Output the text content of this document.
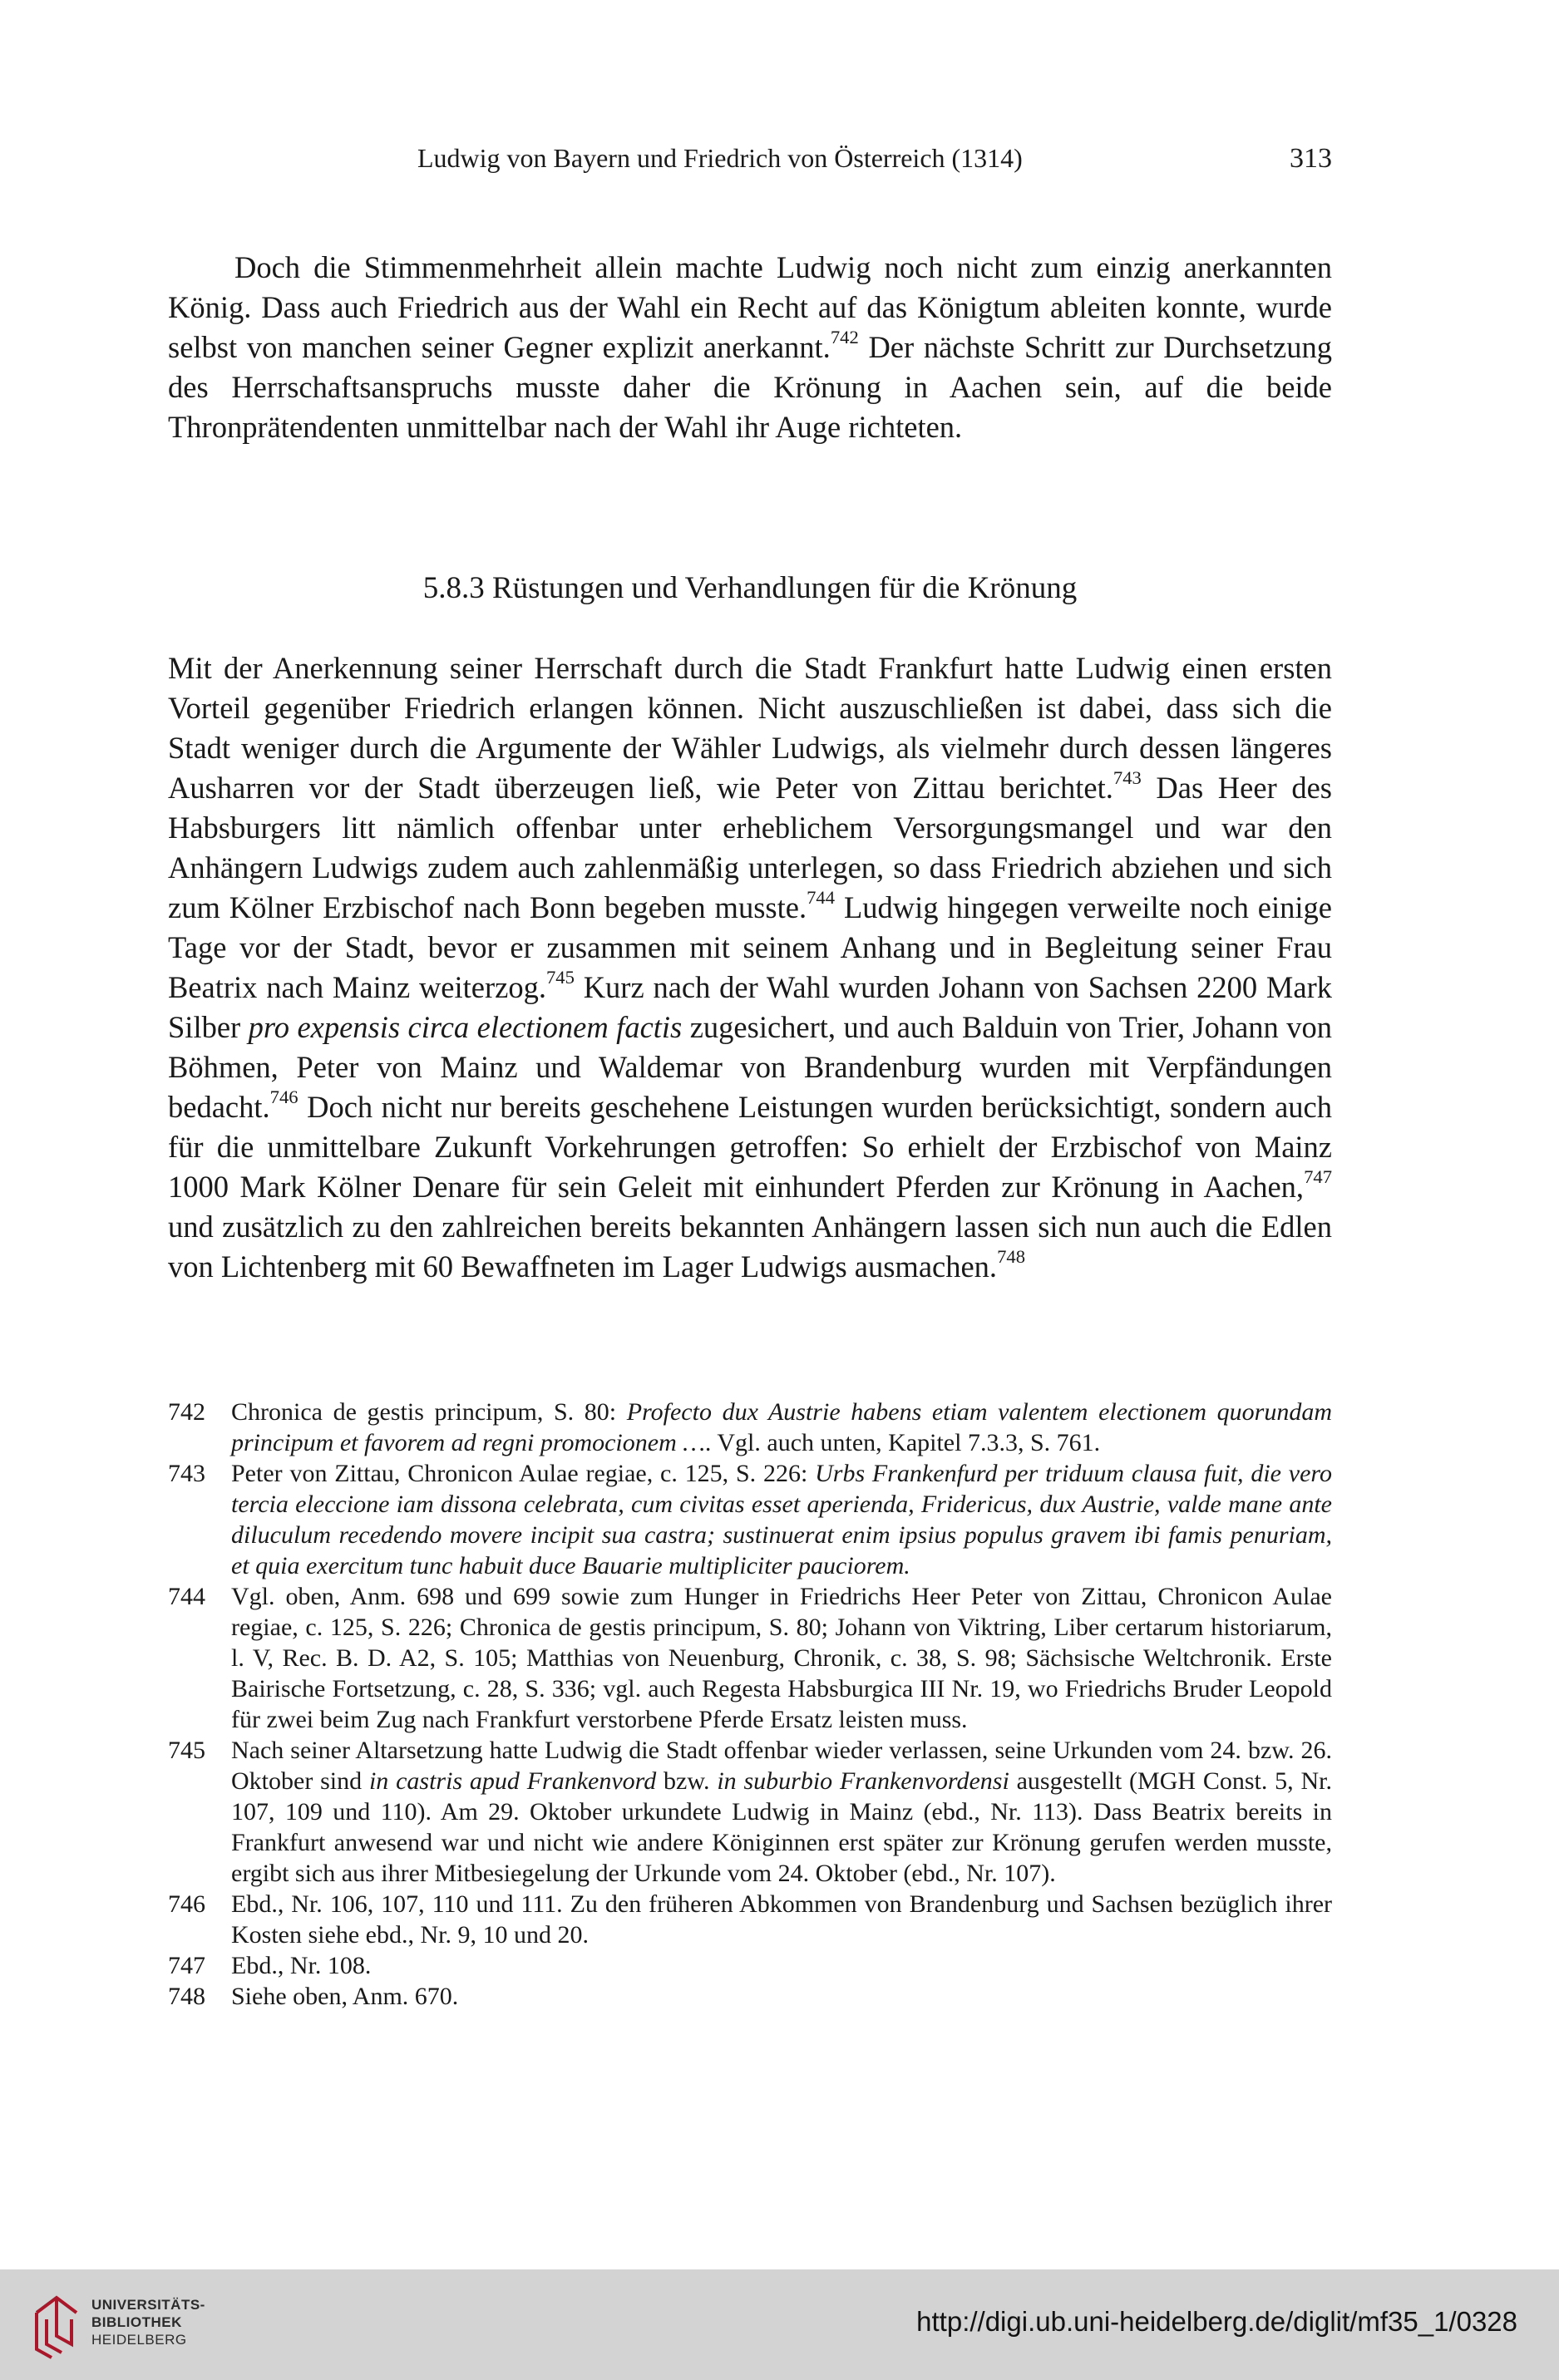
Ludwig von Bayern und Friedrich von Österreich (1314)	313

Doch die Stimmenmehrheit allein machte Ludwig noch nicht zum einzig anerkannten König. Dass auch Friedrich aus der Wahl ein Recht auf das Königtum ableiten konnte, wurde selbst von manchen seiner Gegner explizit anerkannt.$^{742}$ Der nächste Schritt zur Durchsetzung des Herrschaftsanspruchs musste daher die Krönung in Aachen sein, auf die beide Thronprätendenten unmittelbar nach der Wahl ihr Auge richteten.

5.8.3 Rüstungen und Verhandlungen für die Krönung

Mit der Anerkennung seiner Herrschaft durch die Stadt Frankfurt hatte Ludwig einen ersten Vorteil gegenüber Friedrich erlangen können. Nicht auszuschließen ist dabei, dass sich die Stadt weniger durch die Argumente der Wähler Ludwigs, als vielmehr durch dessen längeres Ausharren vor der Stadt überzeugen ließ, wie Peter von Zittau berichtet.$^{743}$ Das Heer des Habsburgers litt nämlich offenbar unter erheblichem Versorgungsmangel und war den Anhängern Ludwigs zudem auch zahlenmäßig unterlegen, so dass Friedrich abziehen und sich zum Kölner Erzbischof nach Bonn begeben musste.$^{744}$ Ludwig hingegen verweilte noch einige Tage vor der Stadt, bevor er zusammen mit seinem Anhang und in Begleitung seiner Frau Beatrix nach Mainz weiterzog.$^{745}$ Kurz nach der Wahl wurden Johann von Sachsen 2200 Mark Silber pro expensis circa electionem factis zugesichert, und auch Balduin von Trier, Johann von Böhmen, Peter von Mainz und Waldemar von Brandenburg wurden mit Verpfändungen bedacht.$^{746}$ Doch nicht nur bereits geschehene Leistungen wurden berücksichtigt, sondern auch für die unmittelbare Zukunft Vorkehrungen getroffen: So erhielt der Erzbischof von Mainz 1000 Mark Kölner Denare für sein Geleit mit einhundert Pferden zur Krönung in Aachen,$^{747}$ und zusätzlich zu den zahlreichen bereits bekannten Anhängern lassen sich nun auch die Edlen von Lichtenberg mit 60 Bewaffneten im Lager Ludwigs ausmachen.$^{748}$

742 Chronica de gestis principum, S. 80: Profecto dux Austrie habens etiam valentem electionem quorundam principum et favorem ad regni promocionem …. Vgl. auch unten, Kapitel 7.3.3, S. 761.

743 Peter von Zittau, Chronicon Aulae regiae, c. 125, S. 226: Urbs Frankenfurd per triduum clausa fuit, die vero tercia eleccione iam dissona celebrata, cum civitas esset aperienda, Fridericus, dux Austrie, valde mane ante diluculum recedendo movere incipit sua castra; sustinuerat enim ipsius populus gravem ibi famis penuriam, et quia exercitum tunc habuit duce Bauarie multipliciter pauciorem.

744 Vgl. oben, Anm. 698 und 699 sowie zum Hunger in Friedrichs Heer Peter von Zittau, Chronicon Aulae regiae, c. 125, S. 226; Chronica de gestis principum, S. 80; Johann von Viktring, Liber certarum historiarum, l. V, Rec. B. D. A2, S. 105; Matthias von Neuenburg, Chronik, c. 38, S. 98; Sächsische Weltchronik. Erste Bairische Fortsetzung, c. 28, S. 336; vgl. auch Regesta Habsburgica III Nr. 19, wo Friedrichs Bruder Leopold für zwei beim Zug nach Frankfurt verstorbene Pferde Ersatz leisten muss.

745 Nach seiner Altarsetzung hatte Ludwig die Stadt offenbar wieder verlassen, seine Urkunden vom 24. bzw. 26. Oktober sind in castris apud Frankenvord bzw. in suburbio Frankenvordensi ausgestellt (MGH Const. 5, Nr. 107, 109 und 110). Am 29. Oktober urkundete Ludwig in Mainz (ebd., Nr. 113). Dass Beatrix bereits in Frankfurt anwesend war und nicht wie andere Königinnen erst später zur Krönung gerufen werden musste, ergibt sich aus ihrer Mitbesiegelung der Urkunde vom 24. Oktober (ebd., Nr. 107).

746 Ebd., Nr. 106, 107, 110 und 111. Zu den früheren Abkommen von Brandenburg und Sachsen bezüglich ihrer Kosten siehe ebd., Nr. 9, 10 und 20.

747 Ebd., Nr. 108.

748 Siehe oben, Anm. 670.

UNIVERSITÄTS-
BIBLIOTHEK
HEIDELBERG
http://digi.ub.uni-heidelberg.de/diglit/mf35_1/0328
